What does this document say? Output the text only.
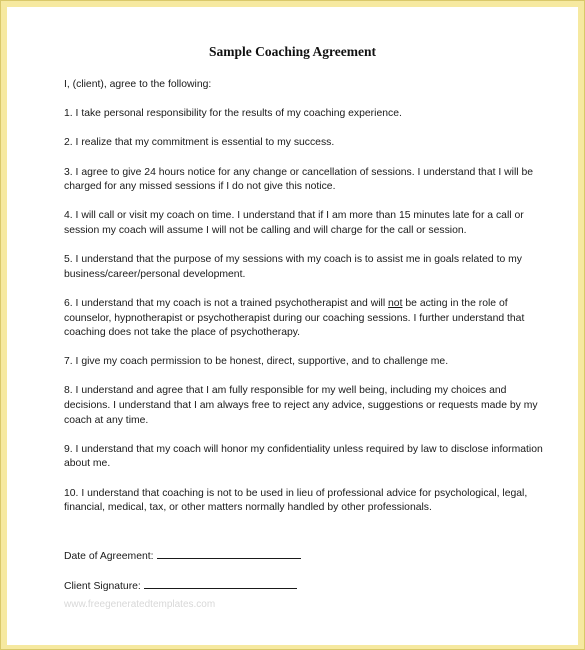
Sample Coaching Agreement

I, (client), agree to the following:

1. I take personal responsibility for the results of my coaching experience.
2. I realize that my commitment is essential to my success.
3. I agree to give 24 hours notice for any change or cancellation of sessions. I understand that I will be charged for any missed sessions if I do not give this notice.
4. I will call or visit my coach on time. I understand that if I am more than 15 minutes late for a call or session my coach will assume I will not be calling and will charge for the call or session.
5. I understand that the purpose of my sessions with my coach is to assist me in goals related to my business/career/personal development.
6. I understand that my coach is not a trained psychotherapist and will not be acting in the role of counselor, hypnotherapist or psychotherapist during our coaching sessions. I further understand that coaching does not take the place of psychotherapy.
7. I give my coach permission to be honest, direct, supportive, and to challenge me.
8. I understand and agree that I am fully responsible for my well being, including my choices and decisions. I understand that I am always free to reject any advice, suggestions or requests made by my coach at any time.
9. I understand that my coach will honor my confidentiality unless required by law to disclose information about me.
10. I understand that coaching is not to be used in lieu of professional advice for psychological, legal, financial, medical, tax, or other matters normally handled by other professionals.
Date of Agreement:
Client Signature:
www.freegeneratedtemplates.com
